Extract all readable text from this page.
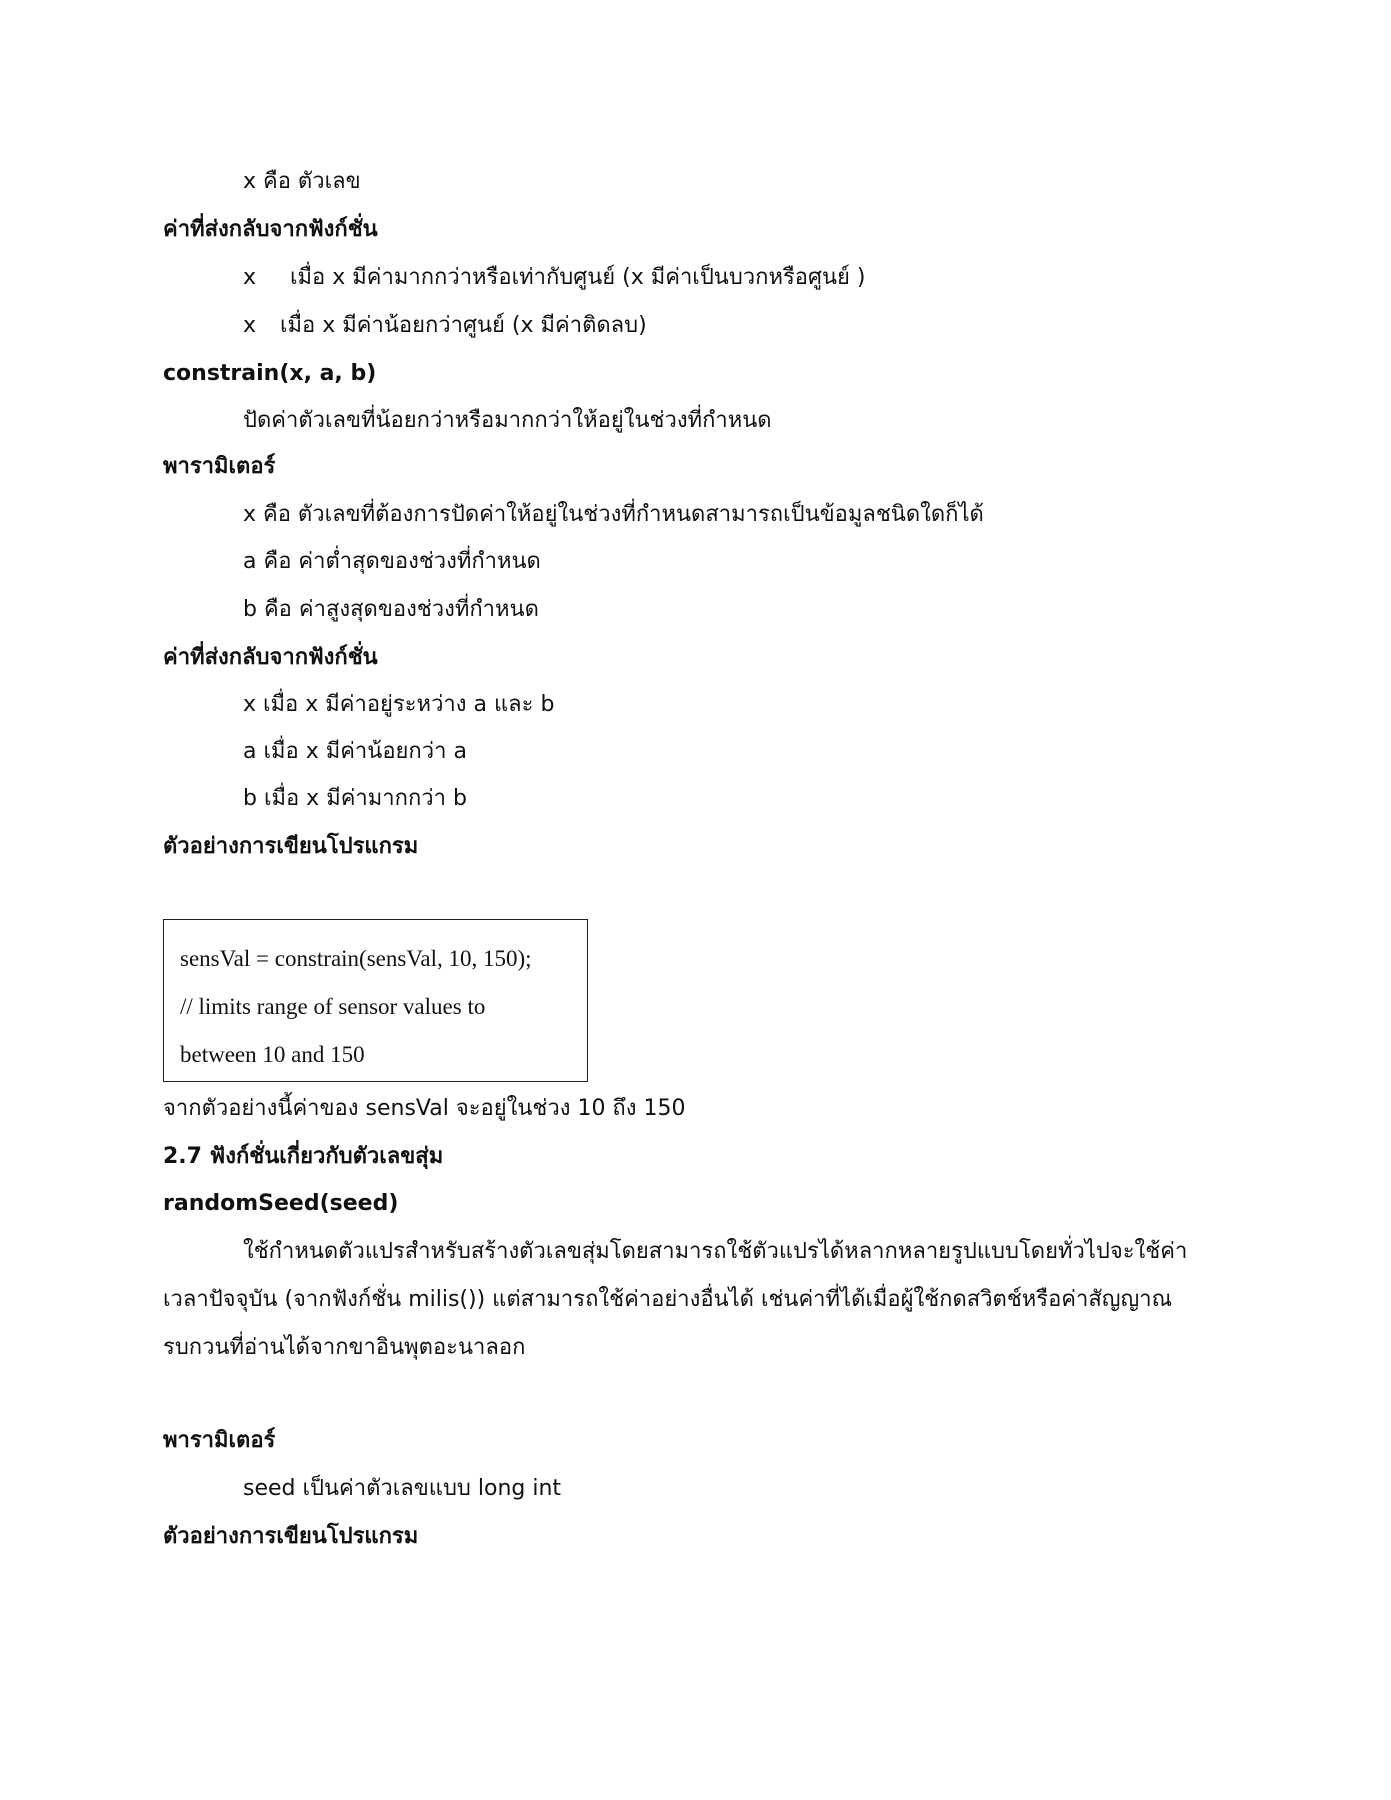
x คือ ตัวเลข
ค่าที่ส่งกลับจากฟังก์ชั่น
x เมื่อ x มีค่ามากกว่าหรือเท่ากับศูนย์ (x มีค่าเป็นบวกหรือศูนย์ )
x เมื่อ x มีค่าน้อยกว่าศูนย์ (x มีค่าติดลบ)
constrain(x, a, b)
ปัดค่าตัวเลขที่น้อยกว่าหรือมากกว่าให้อยู่ในช่วงที่กำหนด
พารามิเตอร์
x คือ ตัวเลขที่ต้องการปัดค่าให้อยู่ในช่วงที่กำหนดสามารถเป็นข้อมูลชนิดใดก็ได้
a คือ ค่าต่ำสุดของช่วงที่กำหนด
b คือ ค่าสูงสุดของช่วงที่กำหนด
ค่าที่ส่งกลับจากฟังก์ชั่น
x เมื่อ x มีค่าอยู่ระหว่าง a และ b
a เมื่อ x มีค่าน้อยกว่า a
b เมื่อ x มีค่ามากกว่า b
ตัวอย่างการเขียนโปรแกรม
sensVal = constrain(sensVal, 10, 150);
// limits range of sensor values to
between 10 and 150
จากตัวอย่างนี้ค่าของ sensVal จะอยู่ในช่วง 10 ถึง 150
2.7 ฟังก์ชั่นเกี่ยวกับตัวเลขสุ่ม
randomSeed(seed)
ใช้กำหนดตัวแปรสำหรับสร้างตัวเลขสุ่มโดยสามารถใช้ตัวแปรได้หลากหลายรูปแบบโดยทั่วไปจะใช้ค่าเวลาปัจจุบัน (จากฟังก์ชั่น milis()) แต่สามารถใช้ค่าอย่างอื่นได้ เช่นค่าที่ได้เมื่อผู้ใช้กดสวิตช์หรือค่าสัญญาณรบกวนที่อ่านได้จากขาอินพุตอะนาลอก
พารามิเตอร์
seed เป็นค่าตัวเลขแบบ long int
ตัวอย่างการเขียนโปรแกรม
